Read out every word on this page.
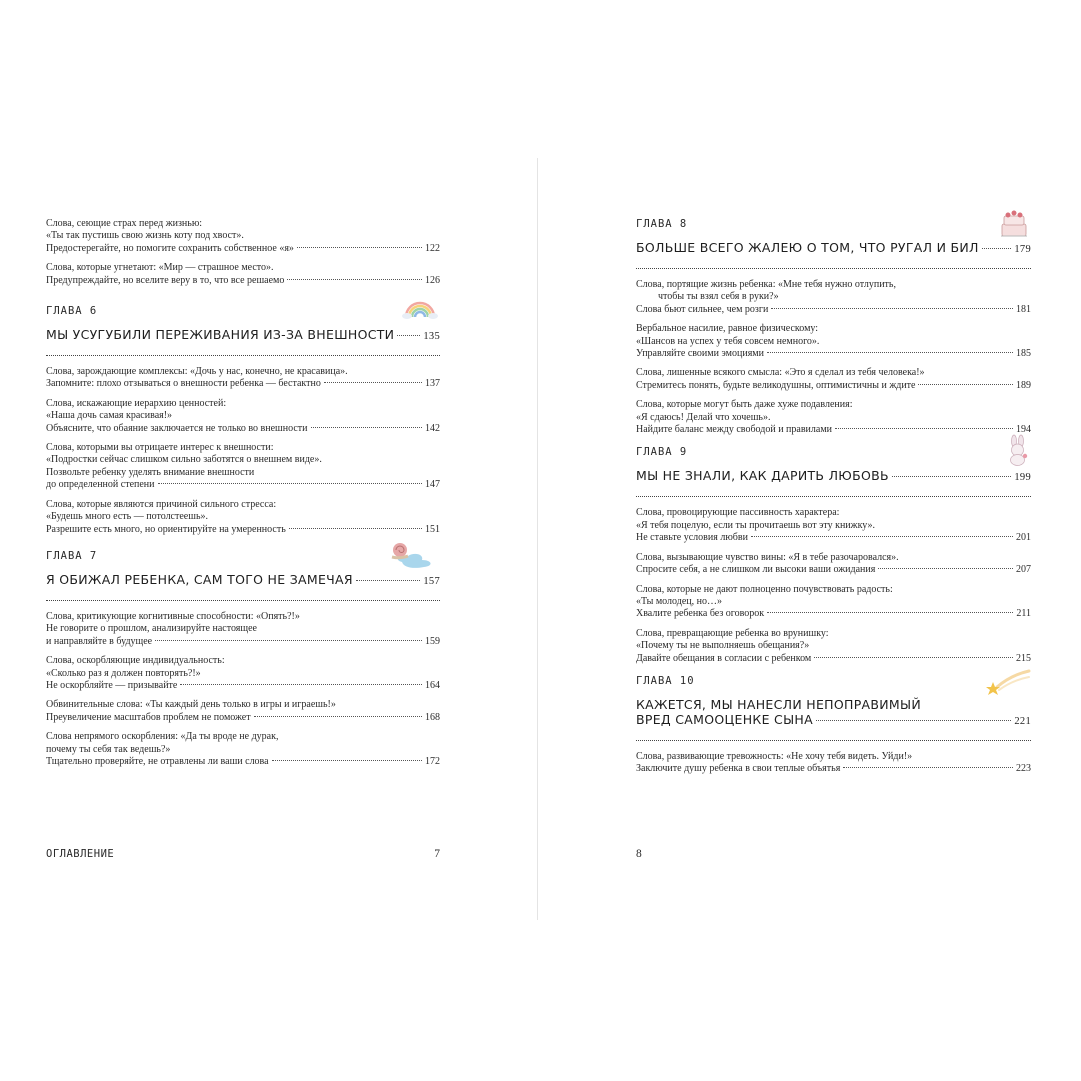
Слова, сеющие страх перед жизнью:
«Ты так пустишь свою жизнь коту под хвост».
Предостерегайте, но помогите сохранить собственное «я»	122
Слова, которые угнетают: «Мир — страшное место».
Предупреждайте, но вселите веру в то, что все решаемо	126
ГЛАВА 6
МЫ УСУГУБИЛИ ПЕРЕЖИВАНИЯ ИЗ-ЗА ВНЕШНОСТИ	135
Слова, зарождающие комплексы: «Дочь у нас, конечно, не красавица».
Запомните: плохо отзываться о внешности ребенка — бестактно	137
Слова, искажающие иерархию ценностей:
«Наша дочь самая красивая!»
Объясните, что обаяние заключается не только во внешности	142
Слова, которыми вы отрицаете интерес к внешности:
«Подростки сейчас слишком сильно заботятся о внешнем виде».
Позвольте ребенку уделять внимание внешности
до определенной степени	147
Слова, которые являются причиной сильного стресса:
«Будешь много есть — потолстеешь».
Разрешите есть много, но ориентируйте на умеренность	151
ГЛАВА 7
Я ОБИЖАЛ РЕБЕНКА, САМ ТОГО НЕ ЗАМЕЧАЯ	157
Слова, критикующие когнитивные способности: «Опять?!»
Не говорите о прошлом, анализируйте настоящее
и направляйте в будущее	159
Слова, оскорбляющие индивидуальность:
«Сколько раз я должен повторять?!»
Не оскорбляйте — призывайте	164
Обвинительные слова: «Ты каждый день только в игры и играешь!»
Преувеличение масштабов проблем не поможет	168
Слова непрямого оскорбления: «Да ты вроде не дурак,
почему ты себя так ведешь?»
Тщательно проверяйте, не отравлены ли ваши слова	172
ОГЛАВЛЕНИЕ	7
ГЛАВА 8
БОЛЬШЕ ВСЕГО ЖАЛЕЮ О ТОМ, ЧТО РУГАЛ И БИЛ	179
Слова, портящие жизнь ребенка: «Мне тебя нужно отлупить,
чтобы ты взял себя в руки?»
Слова бьют сильнее, чем розги	181
Вербальное насилие, равное физическому:
«Шансов на успех у тебя совсем немного».
Управляйте своими эмоциями	185
Слова, лишенные всякого смысла: «Это я сделал из тебя человека!»
Стремитесь понять, будьте великодушны, оптимистичны и ждите	189
Слова, которые могут быть даже хуже подавления:
«Я сдаюсь! Делай что хочешь».
Найдите баланс между свободой и правилами	194
ГЛАВА 9
МЫ НЕ ЗНАЛИ, КАК ДАРИТЬ ЛЮБОВЬ	199
Слова, провоцирующие пассивность характера:
«Я тебя поцелую, если ты прочитаешь вот эту книжку».
Не ставьте условия любви	201
Слова, вызывающие чувство вины: «Я в тебе разочаровался».
Спросите себя, а не слишком ли высоки ваши ожидания	207
Слова, которые не дают полноценно почувствовать радость:
«Ты молодец, но…»
Хвалите ребенка без оговорок	211
Слова, превращающие ребенка во врунишку:
«Почему ты не выполняешь обещания?»
Давайте обещания в согласии с ребенком	215
ГЛАВА 10
КАЖЕТСЯ, МЫ НАНЕСЛИ НЕПОПРАВИМЫЙ
ВРЕД САМООЦЕНКЕ СЫНА	221
Слова, развивающие тревожность: «Не хочу тебя видеть. Уйди!»
Заключите душу ребенка в свои теплые объятья	223
8
